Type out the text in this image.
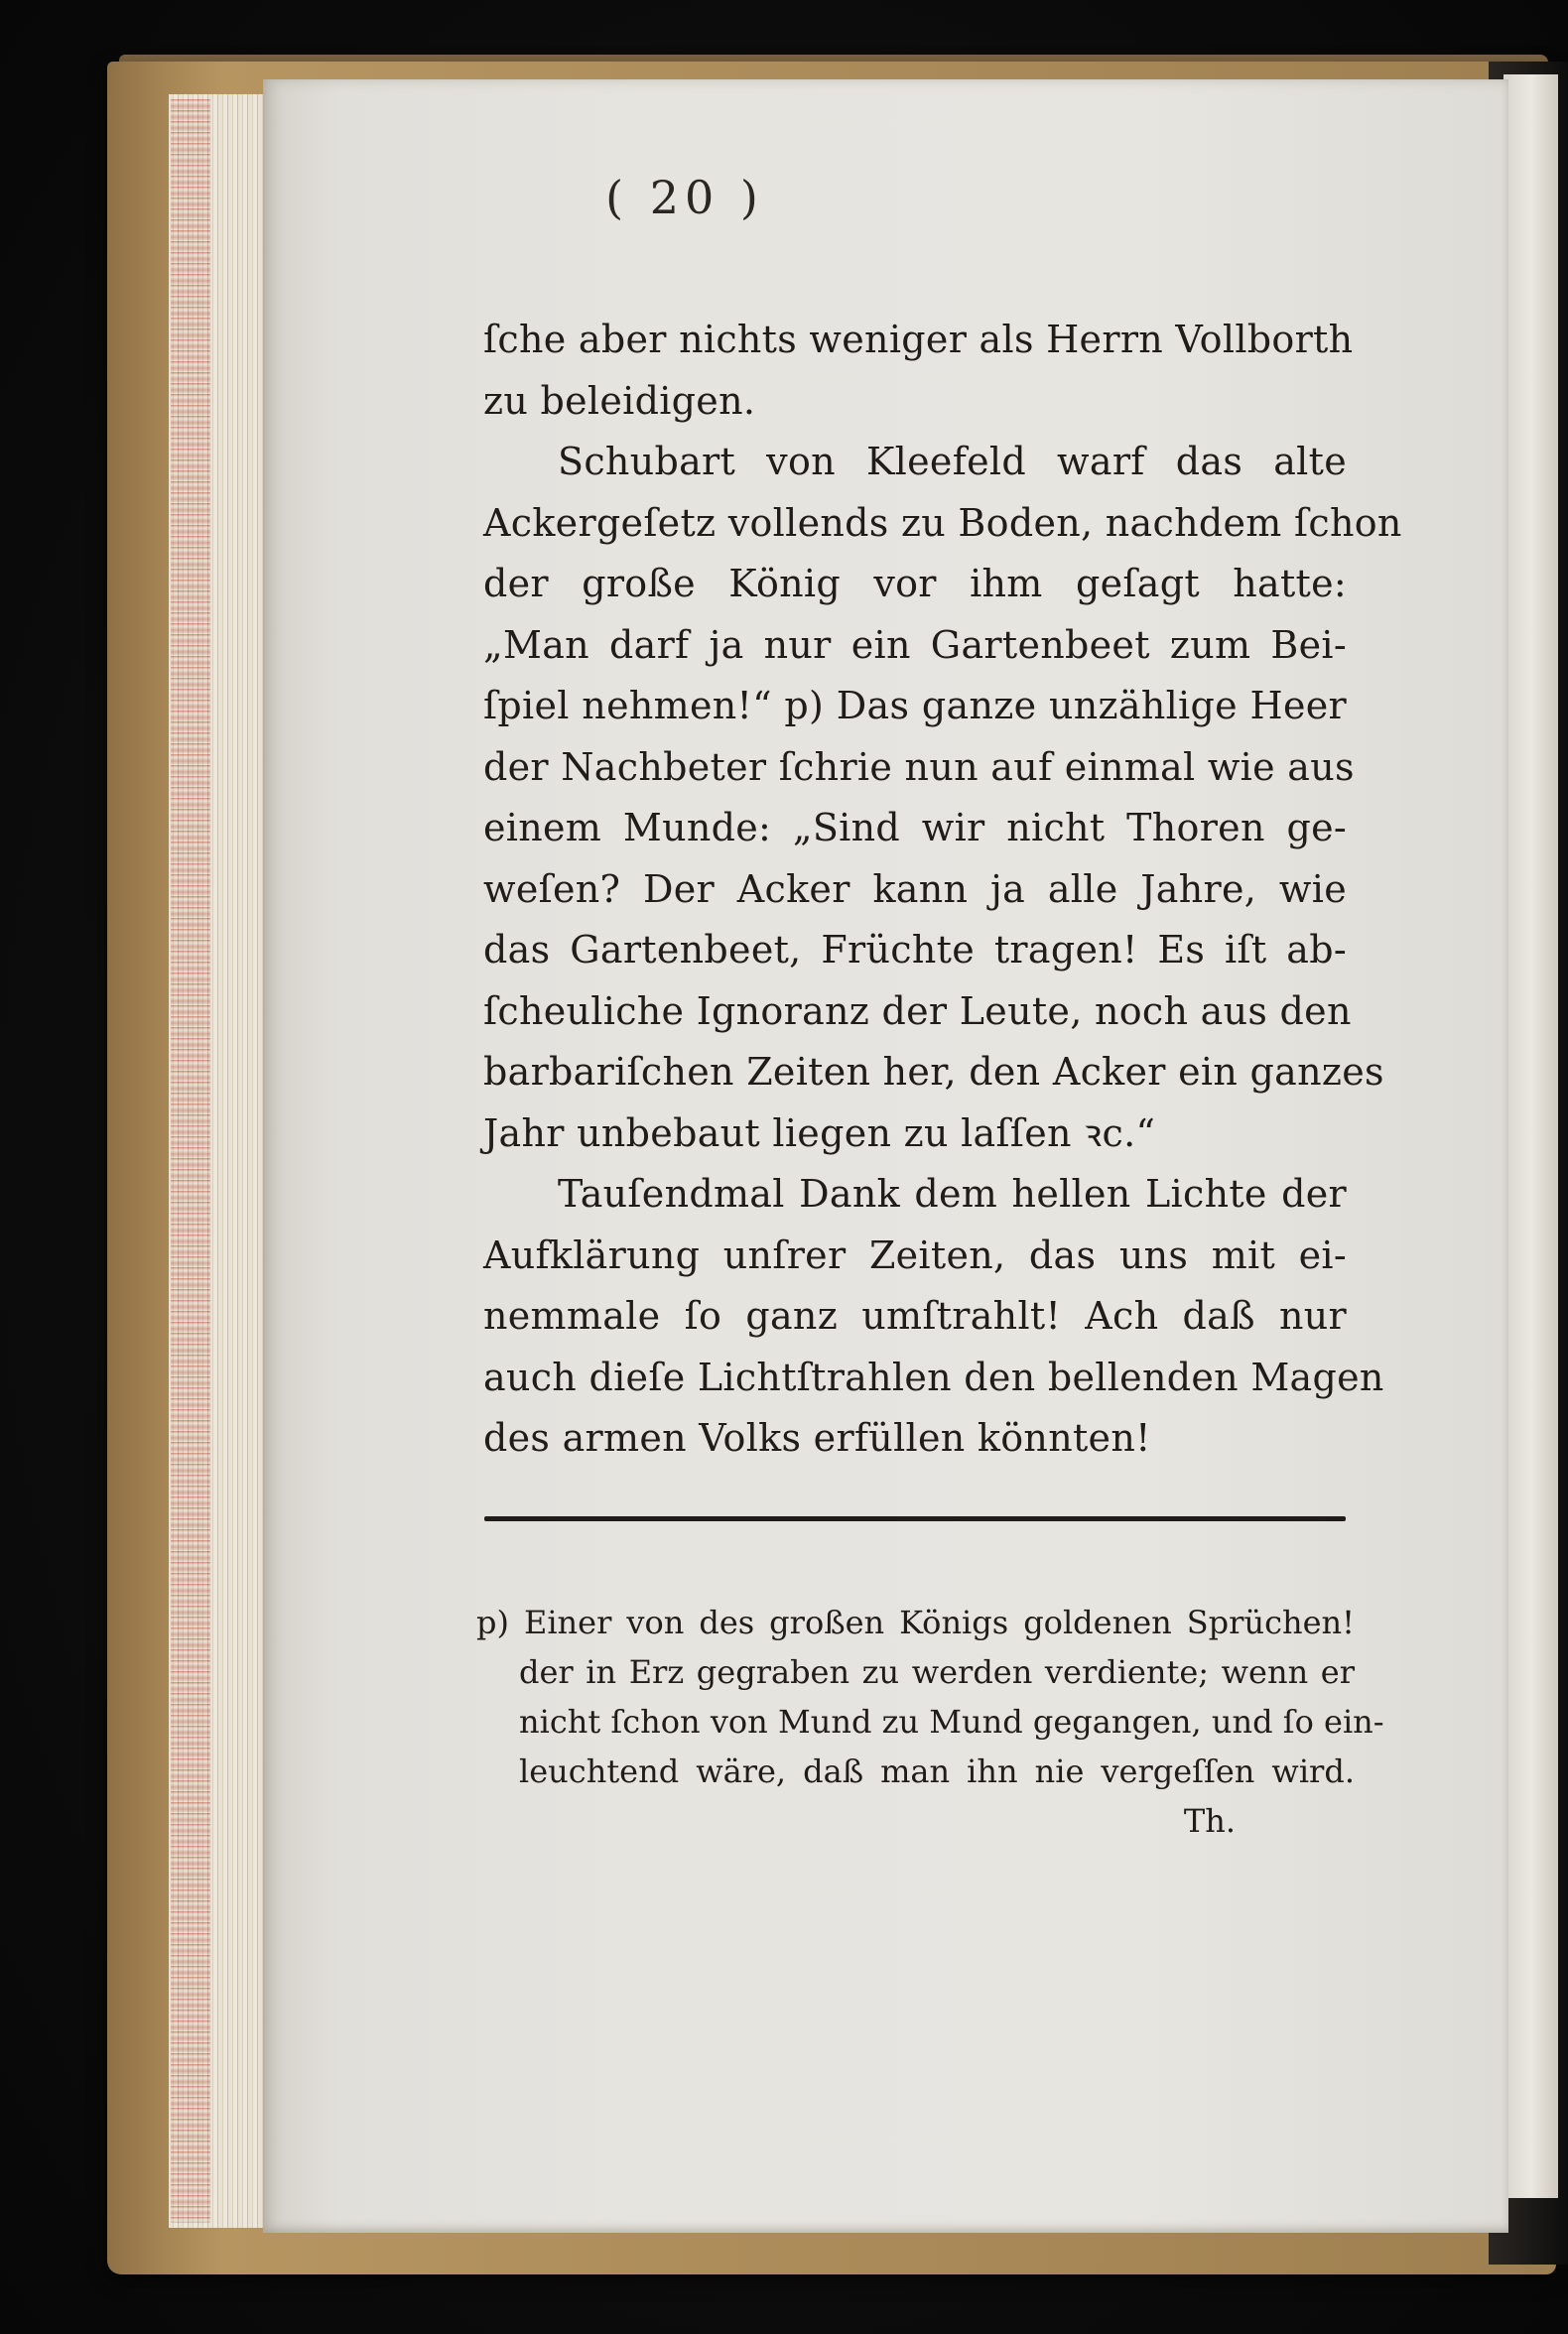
( 20 )
ſche aber nichts weniger als Herrn Vollborth
zu beleidigen.
Schubart von Kleefeld warf das alte
Ackergeſetz vollends zu Boden, nachdem ſchon
der große König vor ihm geſagt hatte:
„Man darf ja nur ein Gartenbeet zum Bei-
ſpiel nehmen!“ p) Das ganze unzählige Heer
der Nachbeter ſchrie nun auf einmal wie aus
einem Munde: „Sind wir nicht Thoren ge-
weſen? Der Acker kann ja alle Jahre, wie
das Gartenbeet, Früchte tragen! Es iſt ab-
ſcheuliche Ignoranz der Leute, noch aus den
barbariſchen Zeiten her, den Acker ein ganzes
Jahr unbebaut liegen zu laſſen ꝛc.“
Tauſendmal Dank dem hellen Lichte der
Aufklärung unſrer Zeiten, das uns mit ei-
nemmale ſo ganz umſtrahlt! Ach daß nur
auch dieſe Lichtſtrahlen den bellenden Magen
des armen Volks erfüllen könnten!
p) Einer von des großen Königs goldenen Sprüchen!
der in Erz gegraben zu werden verdiente; wenn er
nicht ſchon von Mund zu Mund gegangen, und ſo ein-
leuchtend wäre, daß man ihn nie vergeſſen wird.
Th.
